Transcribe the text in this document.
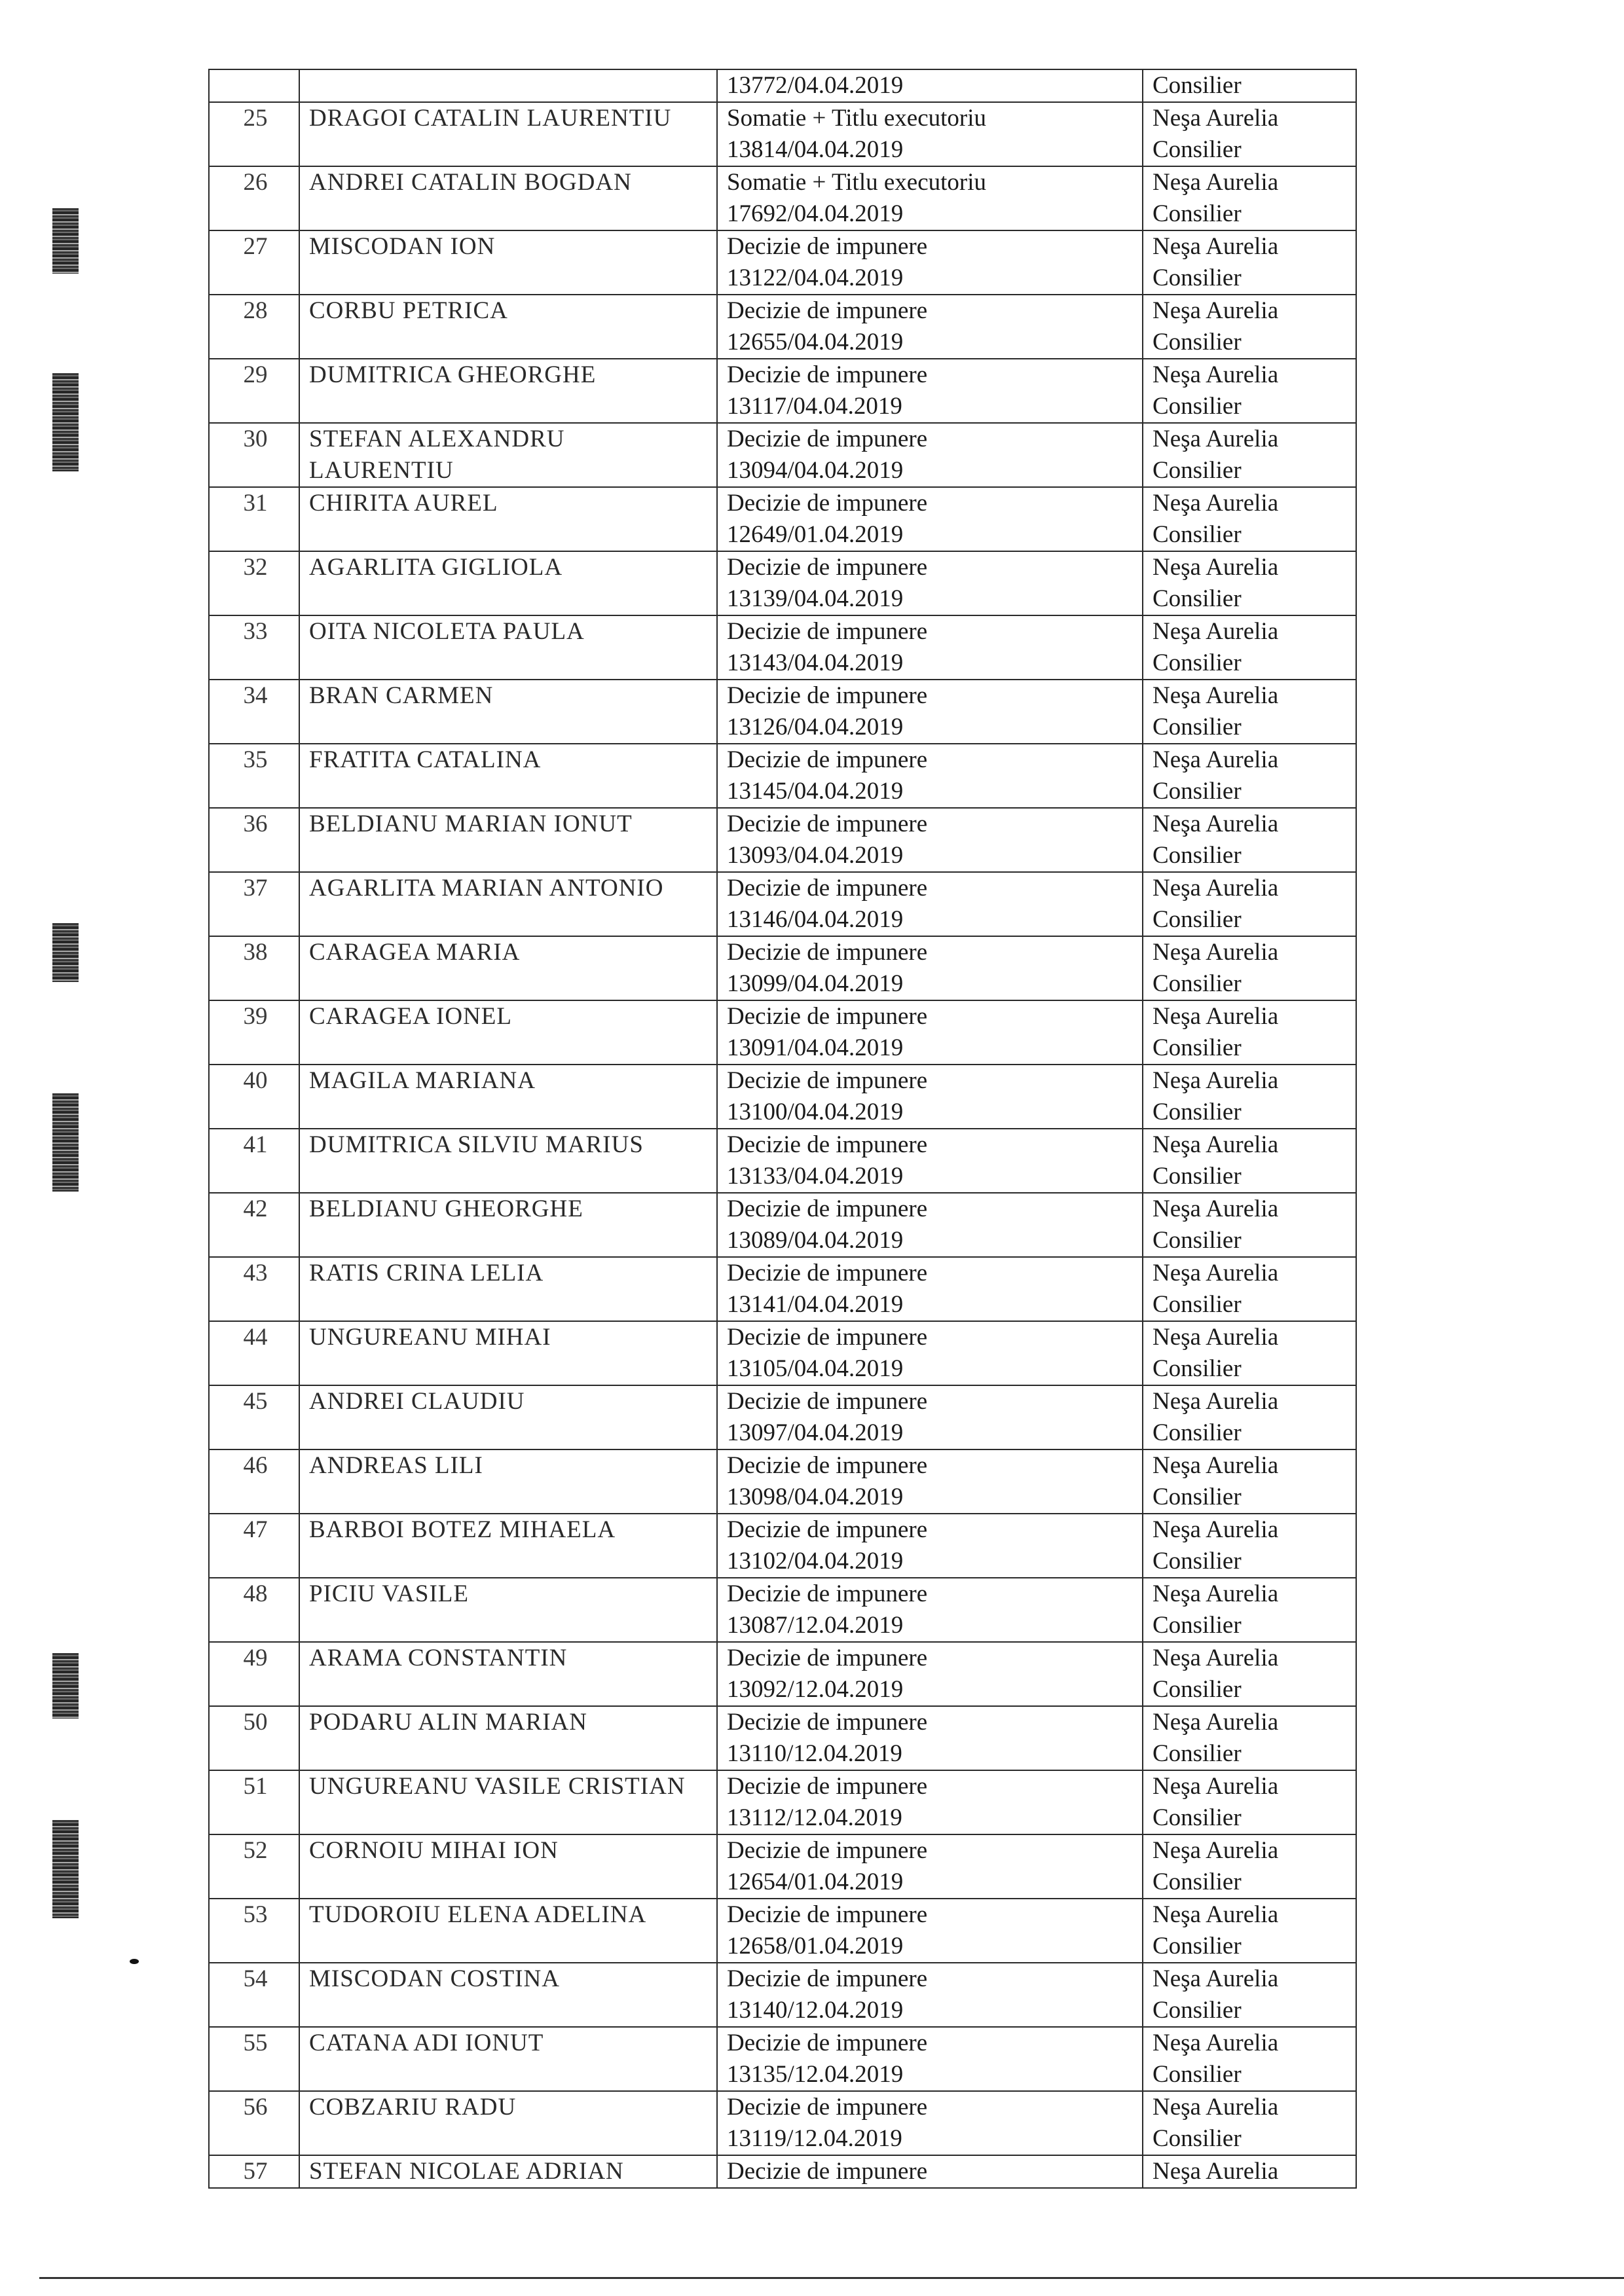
		13772/04.04.2019	Consilier

25	DRAGOI CATALIN LAURENTIU	Somatie + Titlu executoriu
13814/04.04.2019	Neşa Aurelia
Consilier

26	ANDREI CATALIN BOGDAN	Somatie + Titlu executoriu
17692/04.04.2019	Neşa Aurelia
Consilier

27	MISCODAN ION	Decizie de impunere
13122/04.04.2019	Neşa Aurelia
Consilier

28	CORBU PETRICA	Decizie de impunere
12655/04.04.2019	Neşa Aurelia
Consilier

29	DUMITRICA GHEORGHE	Decizie de impunere
13117/04.04.2019	Neşa Aurelia
Consilier

30	STEFAN ALEXANDRU LAURENTIU	Decizie de impunere
13094/04.04.2019	Neşa Aurelia
Consilier

31	CHIRITA AUREL	Decizie de impunere
12649/01.04.2019	Neşa Aurelia
Consilier

32	AGARLITA GIGLIOLA	Decizie de impunere
13139/04.04.2019	Neşa Aurelia
Consilier

33	OITA NICOLETA PAULA	Decizie de impunere
13143/04.04.2019	Neşa Aurelia
Consilier

34	BRAN CARMEN	Decizie de impunere
13126/04.04.2019	Neşa Aurelia
Consilier

35	FRATITA CATALINA	Decizie de impunere
13145/04.04.2019	Neşa Aurelia
Consilier

36	BELDIANU MARIAN IONUT	Decizie de impunere
13093/04.04.2019	Neşa Aurelia
Consilier

37	AGARLITA MARIAN ANTONIO	Decizie de impunere
13146/04.04.2019	Neşa Aurelia
Consilier

38	CARAGEA MARIA	Decizie de impunere
13099/04.04.2019	Neşa Aurelia
Consilier

39	CARAGEA IONEL	Decizie de impunere
13091/04.04.2019	Neşa Aurelia
Consilier

40	MAGILA MARIANA	Decizie de impunere
13100/04.04.2019	Neşa Aurelia
Consilier

41	DUMITRICA SILVIU MARIUS	Decizie de impunere
13133/04.04.2019	Neşa Aurelia
Consilier

42	BELDIANU GHEORGHE	Decizie de impunere
13089/04.04.2019	Neşa Aurelia
Consilier

43	RATIS CRINA LELIA	Decizie de impunere
13141/04.04.2019	Neşa Aurelia
Consilier

44	UNGUREANU MIHAI	Decizie de impunere
13105/04.04.2019	Neşa Aurelia
Consilier

45	ANDREI CLAUDIU	Decizie de impunere
13097/04.04.2019	Neşa Aurelia
Consilier

46	ANDREAS LILI	Decizie de impunere
13098/04.04.2019	Neşa Aurelia
Consilier

47	BARBOI BOTEZ MIHAELA	Decizie de impunere
13102/04.04.2019	Neşa Aurelia
Consilier

48	PICIU VASILE	Decizie de impunere
13087/12.04.2019	Neşa Aurelia
Consilier

49	ARAMA CONSTANTIN	Decizie de impunere
13092/12.04.2019	Neşa Aurelia
Consilier

50	PODARU ALIN MARIAN	Decizie de impunere
13110/12.04.2019	Neşa Aurelia
Consilier

51	UNGUREANU VASILE CRISTIAN	Decizie de impunere
13112/12.04.2019	Neşa Aurelia
Consilier

52	CORNOIU MIHAI ION	Decizie de impunere
12654/01.04.2019	Neşa Aurelia
Consilier

53	TUDOROIU ELENA ADELINA	Decizie de impunere
12658/01.04.2019	Neşa Aurelia
Consilier

54	MISCODAN COSTINA	Decizie de impunere
13140/12.04.2019	Neşa Aurelia
Consilier

55	CATANA ADI IONUT	Decizie de impunere
13135/12.04.2019	Neşa Aurelia
Consilier

56	COBZARIU RADU	Decizie de impunere
13119/12.04.2019	Neşa Aurelia
Consilier

57	STEFAN NICOLAE ADRIAN	Decizie de impunere	Neşa Aurelia
